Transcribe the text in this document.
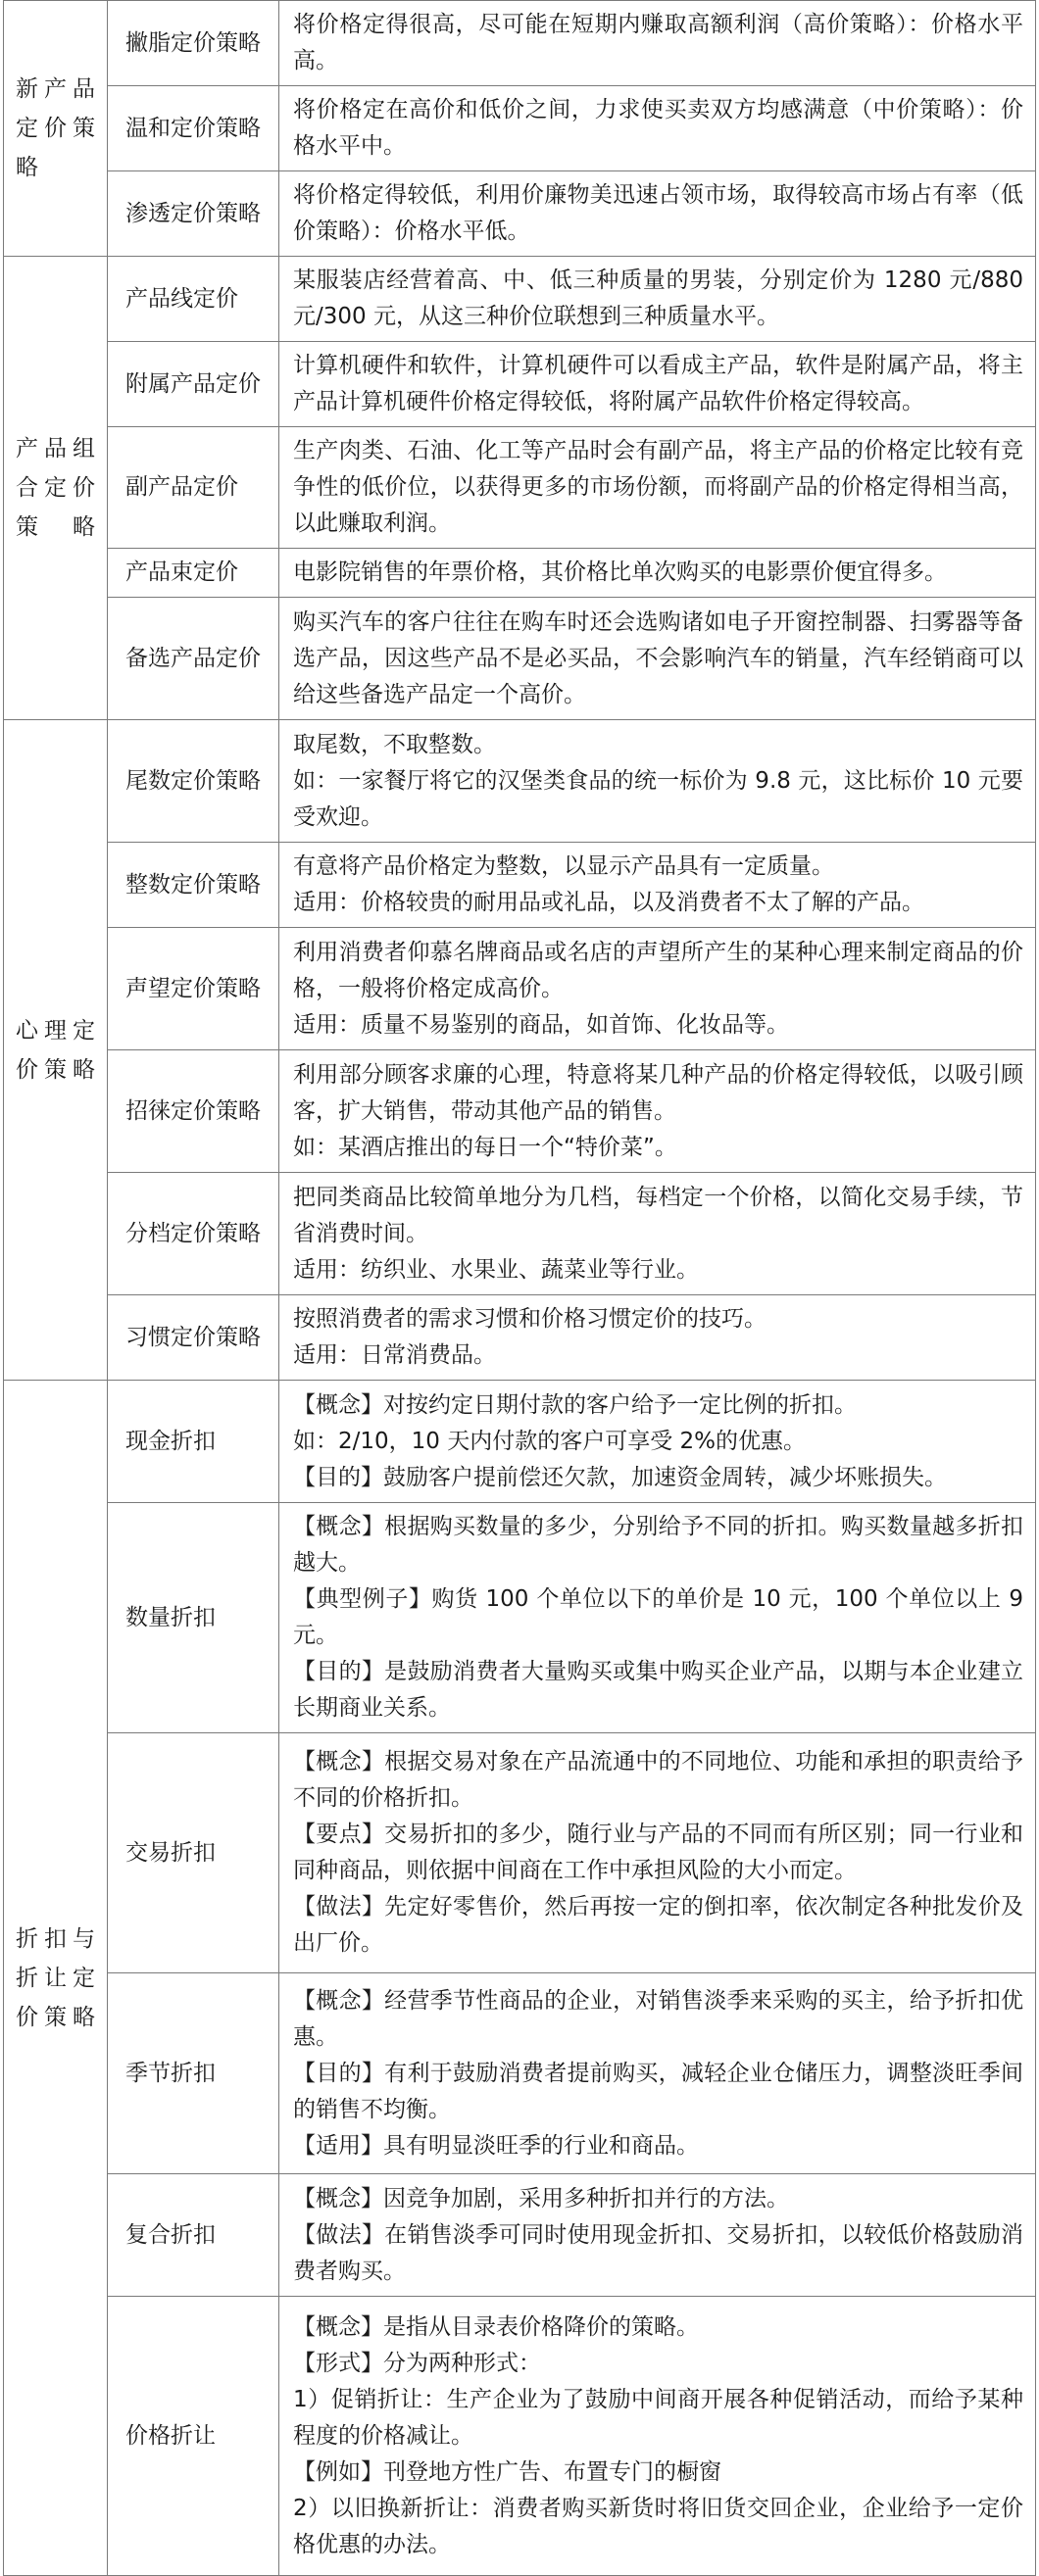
新产品定价策略	撇脂定价策略	将价格定得很高，尽可能在短期内赚取高额利润（高价策略）：价格水平高。

	温和定价策略	将价格定在高价和低价之间，力求使买卖双方均感满意（中价策略）：价格水平中。

	渗透定价策略	将价格定得较低，利用价廉物美迅速占领市场，取得较高市场占有率（低价策略）：价格水平低。

产品组合定价策略	产品线定价	某服装店经营着高、中、低三种质量的男装，分别定价为 1280 元/880 元/300 元，从这三种价位联想到三种质量水平。

	附属产品定价	计算机硬件和软件，计算机硬件可以看成主产品，软件是附属产品，将主产品计算机硬件价格定得较低，将附属产品软件价格定得较高。

	副产品定价	生产肉类、石油、化工等产品时会有副产品，将主产品的价格定比较有竞争性的低价位，以获得更多的市场份额，而将副产品的价格定得相当高，以此赚取利润。

	产品束定价	电影院销售的年票价格，其价格比单次购买的电影票价便宜得多。

	备选产品定价	购买汽车的客户往往在购车时还会选购诸如电子开窗控制器、扫雾器等备选产品，因这些产品不是必买品，不会影响汽车的销量，汽车经销商可以给这些备选产品定一个高价。

心理定价策略	尾数定价策略	取尾数，不取整数。
如：一家餐厅将它的汉堡类食品的统一标价为 9.8 元，这比标价 10 元要受欢迎。

	整数定价策略	有意将产品价格定为整数，以显示产品具有一定质量。
适用：价格较贵的耐用品或礼品，以及消费者不太了解的产品。

	声望定价策略	利用消费者仰慕名牌商品或名店的声望所产生的某种心理来制定商品的价格，一般将价格定成高价。
适用：质量不易鉴别的商品，如首饰、化妆品等。

	招徕定价策略	利用部分顾客求廉的心理，特意将某几种产品的价格定得较低，以吸引顾客，扩大销售，带动其他产品的销售。
如：某酒店推出的每日一个“特价菜”。

	分档定价策略	把同类商品比较简单地分为几档，每档定一个价格，以简化交易手续，节省消费时间。
适用：纺织业、水果业、蔬菜业等行业。

	习惯定价策略	按照消费者的需求习惯和价格习惯定价的技巧。
适用：日常消费品。

折扣与折让定价策略	现金折扣	【概念】对按约定日期付款的客户给予一定比例的折扣。
如：2/10，10 天内付款的客户可享受 2%的优惠。
【目的】鼓励客户提前偿还欠款，加速资金周转，减少坏账损失。

	数量折扣	【概念】根据购买数量的多少，分别给予不同的折扣。购买数量越多折扣越大。
【典型例子】购货 100 个单位以下的单价是 10 元，100 个单位以上 9 元。
【目的】是鼓励消费者大量购买或集中购买企业产品，以期与本企业建立长期商业关系。

	交易折扣	【概念】根据交易对象在产品流通中的不同地位、功能和承担的职责给予不同的价格折扣。
【要点】交易折扣的多少，随行业与产品的不同而有所区别；同一行业和同种商品，则依据中间商在工作中承担风险的大小而定。
【做法】先定好零售价，然后再按一定的倒扣率，依次制定各种批发价及出厂价。

	季节折扣	【概念】经营季节性商品的企业，对销售淡季来采购的买主，给予折扣优惠。
【目的】有利于鼓励消费者提前购买，减轻企业仓储压力，调整淡旺季间的销售不均衡。
【适用】具有明显淡旺季的行业和商品。

	复合折扣	【概念】因竞争加剧，采用多种折扣并行的方法。
【做法】在销售淡季可同时使用现金折扣、交易折扣，以较低价格鼓励消费者购买。

	价格折让	【概念】是指从目录表价格降价的策略。
【形式】分为两种形式：
1）促销折让：生产企业为了鼓励中间商开展各种促销活动，而给予某种程度的价格减让。
【例如】刊登地方性广告、布置专门的橱窗
2）以旧换新折让：消费者购买新货时将旧货交回企业，企业给予一定价格优惠的办法。
